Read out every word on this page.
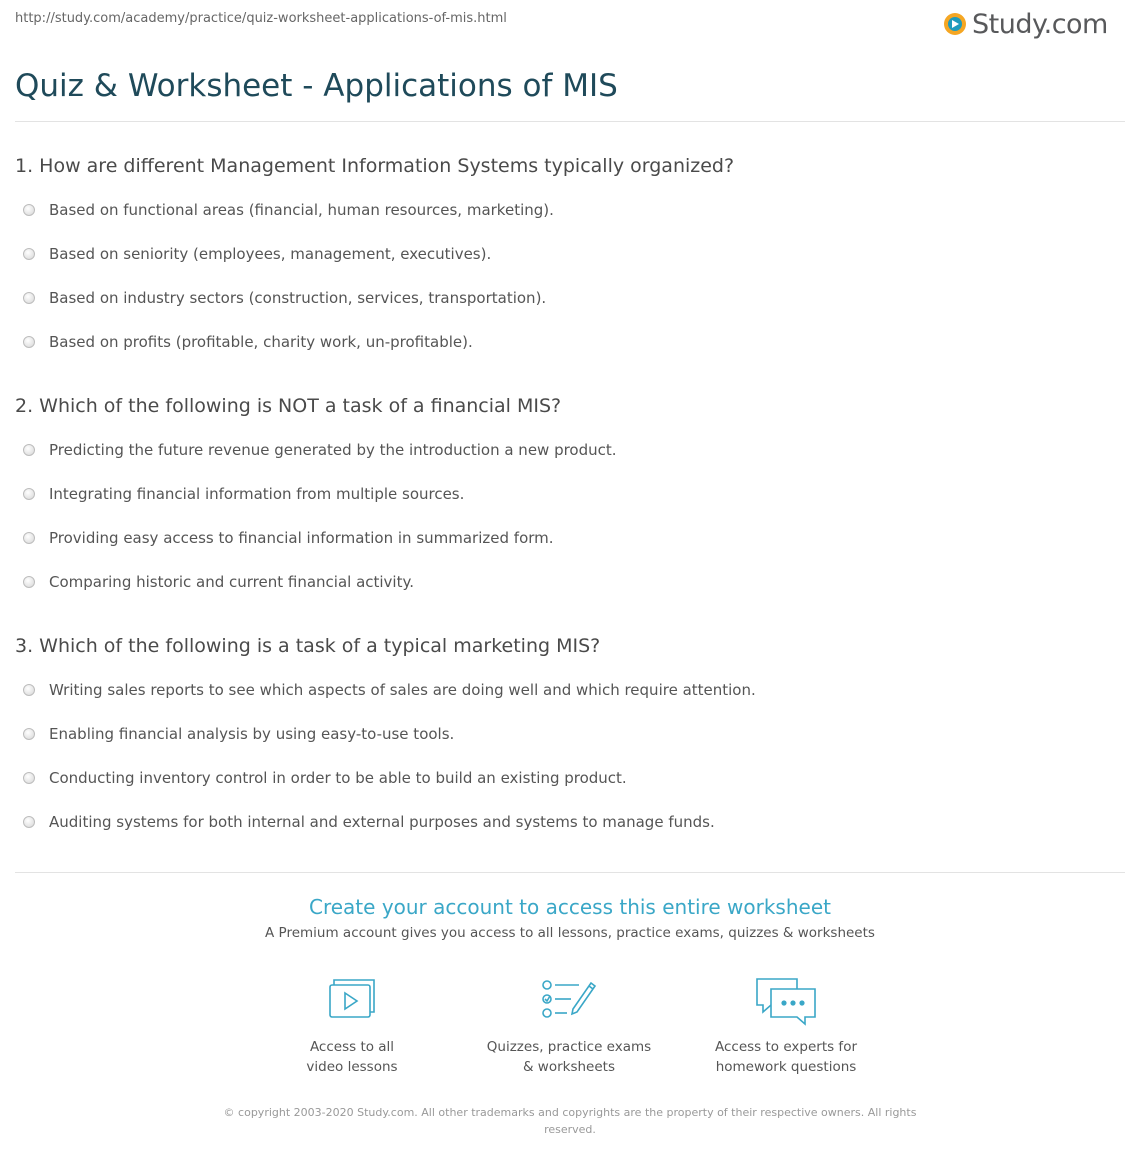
http://study.com/academy/practice/quiz-worksheet-applications-of-mis.html	Study.com
Quiz & Worksheet - Applications of MIS
1. How are different Management Information Systems typically organized?
Based on functional areas (financial, human resources, marketing).
Based on seniority (employees, management, executives).
Based on industry sectors (construction, services, transportation).
Based on profits (profitable, charity work, un-profitable).
2. Which of the following is NOT a task of a financial MIS?
Predicting the future revenue generated by the introduction a new product.
Integrating financial information from multiple sources.
Providing easy access to financial information in summarized form.
Comparing historic and current financial activity.
3. Which of the following is a task of a typical marketing MIS?
Writing sales reports to see which aspects of sales are doing well and which require attention.
Enabling financial analysis by using easy-to-use tools.
Conducting inventory control in order to be able to build an existing product.
Auditing systems for both internal and external purposes and systems to manage funds.
Create your account to access this entire worksheet
A Premium account gives you access to all lessons, practice exams, quizzes & worksheets
Access to all
video lessons
Quizzes, practice exams
& worksheets
Access to experts for
homework questions
© copyright 2003-2020 Study.com. All other trademarks and copyrights are the property of their respective owners. All rights reserved.
